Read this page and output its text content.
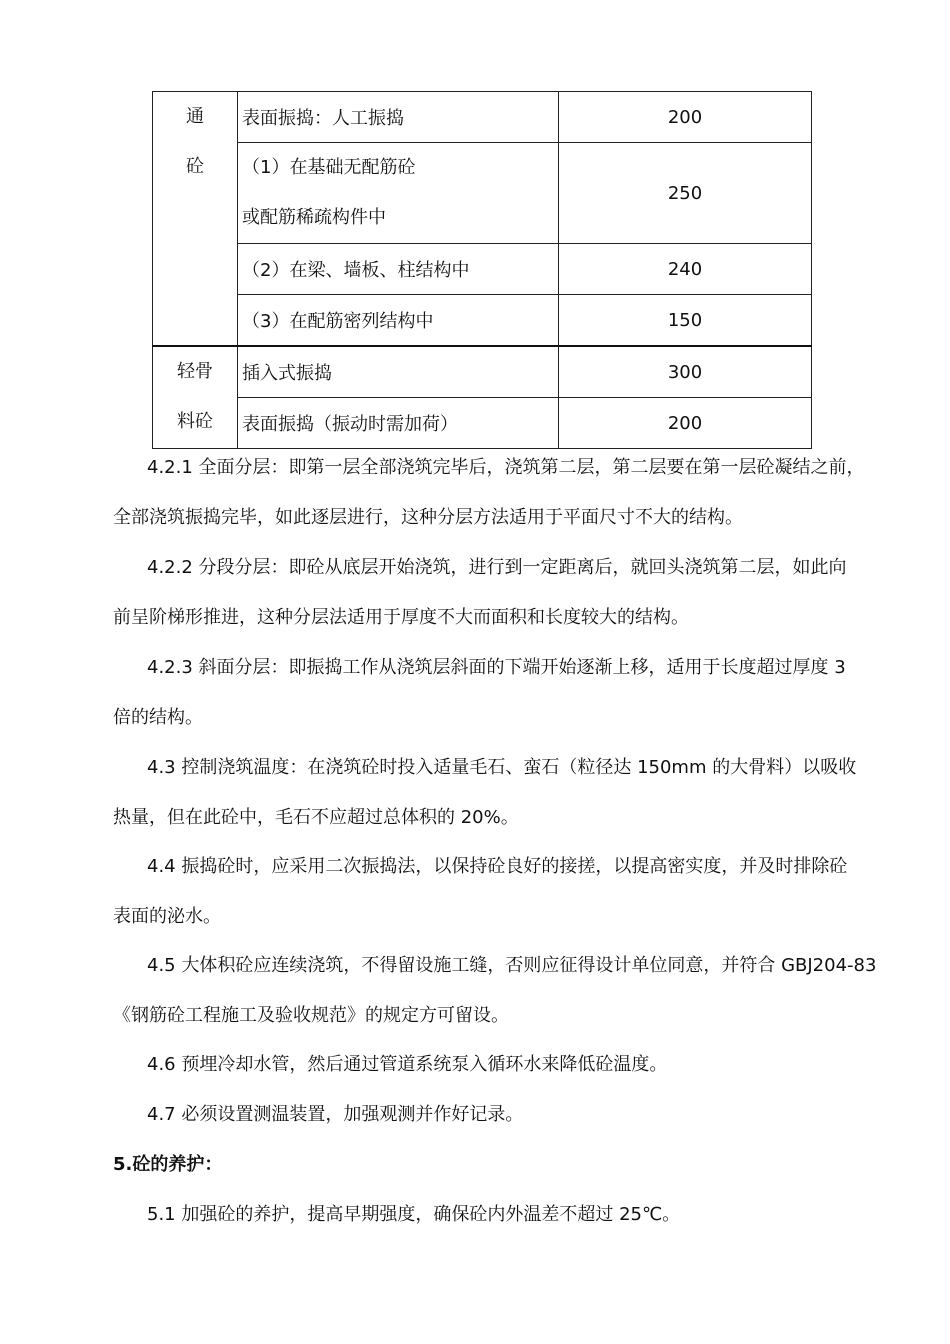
通
砼	表面振捣：人工振捣	200

	（1）在基础无配筋砼
或配筋稀疏构件中	250
	（2）在梁、墙板、柱结构中	240
	（3）在配筋密列结构中	150

轻骨
料砼	插入式振捣	300
	表面振捣（振动时需加荷）	200
4.2.1 全面分层：即第一层全部浇筑完毕后，浇筑第二层，第二层要在第一层砼凝结之前，
全部浇筑振捣完毕，如此逐层进行，这种分层方法适用于平面尺寸不大的结构。
4.2.2 分段分层：即砼从底层开始浇筑，进行到一定距离后，就回头浇筑第二层，如此向
前呈阶梯形推进，这种分层法适用于厚度不大而面积和长度较大的结构。
4.2.3 斜面分层：即振捣工作从浇筑层斜面的下端开始逐渐上移，适用于长度超过厚度 3
倍的结构。
4.3 控制浇筑温度：在浇筑砼时投入适量毛石、蛮石（粒径达 150mm 的大骨料）以吸收
热量，但在此砼中，毛石不应超过总体积的 20%。
4.4 振捣砼时，应采用二次振捣法，以保持砼良好的接搓，以提高密实度，并及时排除砼
表面的泌水。
4.5 大体积砼应连续浇筑，不得留设施工缝，否则应征得设计单位同意，并符合 GBJ204-83
《钢筋砼工程施工及验收规范》的规定方可留设。
4.6 预埋冷却水管，然后通过管道系统泵入循环水来降低砼温度。
4.7 必须设置测温装置，加强观测并作好记录。
5.砼的养护：
5.1 加强砼的养护，提高早期强度，确保砼内外温差不超过 25℃。
